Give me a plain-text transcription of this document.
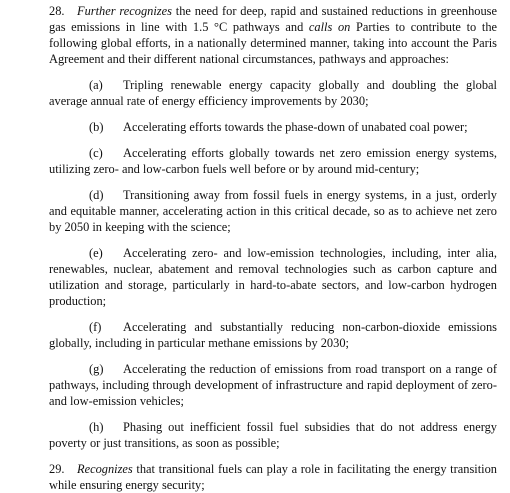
28. Further recognizes the need for deep, rapid and sustained reductions in greenhouse gas emissions in line with 1.5 °C pathways and calls on Parties to contribute to the following global efforts, in a nationally determined manner, taking into account the Paris Agreement and their different national circumstances, pathways and approaches:

(a) Tripling renewable energy capacity globally and doubling the global average annual rate of energy efficiency improvements by 2030;

(b) Accelerating efforts towards the phase-down of unabated coal power;

(c) Accelerating efforts globally towards net zero emission energy systems, utilizing zero- and low-carbon fuels well before or by around mid-century;

(d) Transitioning away from fossil fuels in energy systems, in a just, orderly and equitable manner, accelerating action in this critical decade, so as to achieve net zero by 2050 in keeping with the science;

(e) Accelerating zero- and low-emission technologies, including, inter alia, renewables, nuclear, abatement and removal technologies such as carbon capture and utilization and storage, particularly in hard-to-abate sectors, and low-carbon hydrogen production;

(f) Accelerating and substantially reducing non-carbon-dioxide emissions globally, including in particular methane emissions by 2030;

(g) Accelerating the reduction of emissions from road transport on a range of pathways, including through development of infrastructure and rapid deployment of zero- and low-emission vehicles;

(h) Phasing out inefficient fossil fuel subsidies that do not address energy poverty or just transitions, as soon as possible;

29. Recognizes that transitional fuels can play a role in facilitating the energy transition while ensuring energy security;
